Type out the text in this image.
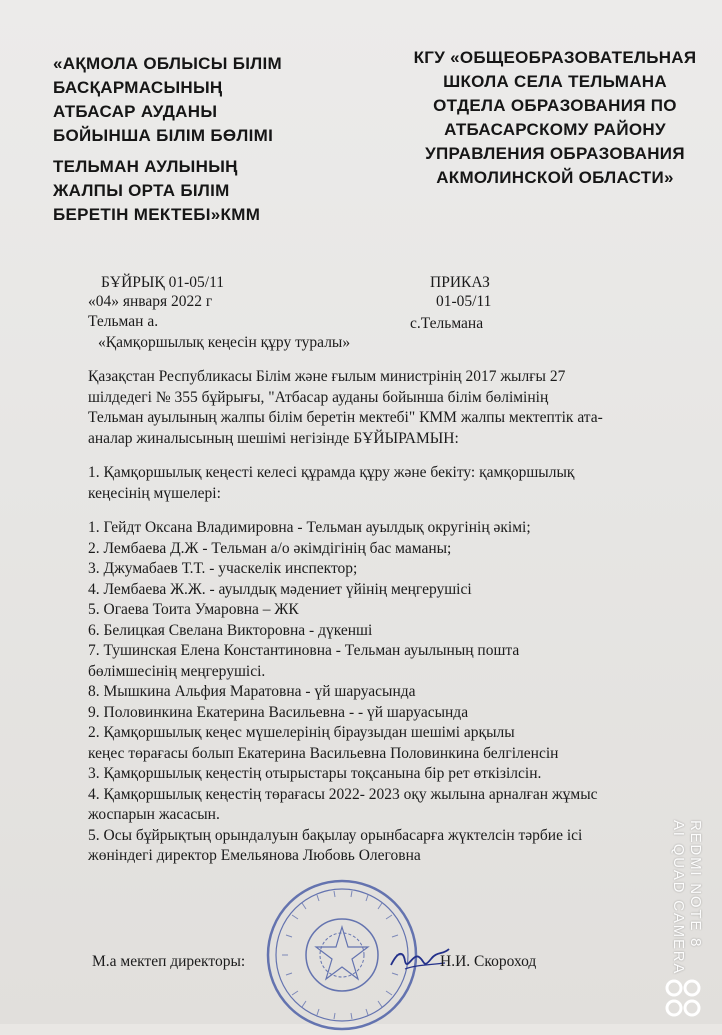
«АҚМОЛА ОБЛЫСЫ БІЛІМ
БАСҚАРМАСЫНЫҢ
АТБАСАР АУДАНЫ
БОЙЫНША БІЛІМ БӨЛІМІ
ТЕЛЬМАН АУЛЫНЫҢ
ЖАЛПЫ ОРТА БІЛІМ
БЕРЕТІН МЕКТЕБІ»КММ
КГУ «ОБЩЕОБРАЗОВАТЕЛЬНАЯ
ШКОЛА СЕЛА ТЕЛЬМАНА
ОТДЕЛА ОБРАЗОВАНИЯ ПО
АТБАСАРСКОМУ РАЙОНУ
УПРАВЛЕНИЯ ОБРАЗОВАНИЯ
АКМОЛИНСКОЙ ОБЛАСТИ»
БҰЙРЫҚ 01-05/11
«04» января 2022 г
Тельман а.
«Қамқоршылық кеңесін құру туралы»
ПРИКАЗ
01-05/11
с.Тельмана

Қазақстан Республикасы Білім және ғылым министрінің 2017 жылғы 27

шілдедегі № 355 бұйрығы, "Атбасар ауданы бойынша білім бөлімінің

Тельман ауылының жалпы білім беретін мектебі" КММ жалпы мектептік ата-

аналар жиналысының шешімі негізінде БҰЙЫРАМЫН:

1. Қамқоршылық кеңесті келесі құрамда құру және бекіту: қамқоршылық

кеңесінің мүшелері:

1. Гейдт Оксана Владимировна - Тельман ауылдық округінің әкімі;

2. Лембаева Д.Ж - Тельман а/о әкімдігінің бас маманы;

3. Джумабаев Т.Т. - учаскелік инспектор;

4. Лембаева Ж.Ж. - ауылдық мәдениет үйінің меңгерушісі

5. Огаева Тоита Умаровна – ЖК

6. Белицкая Свелана Викторовна - дүкенші

7. Тушинская Елена Константиновна - Тельман ауылының пошта

бөлімшесінің меңгерушісі.

8. Мышкина Альфия Маратовна - үй шаруасында

9. Половинкина Екатерина Васильевна - - үй шаруасында

2. Қамқоршылық кеңес мүшелерінің біраузыдан шешімі арқылы

кеңес төрағасы болып Екатерина Васильевна Половинкина белгіленсін

3. Қамқоршылық кеңестің отырыстары тоқсанына бір рет өткізілсін.

4. Қамқоршылық кеңестің төрағасы 2022- 2023 оқу жылына арналған жұмыс

жоспарын жасасын.

5. Осы бұйрықтың орындалуын бақылау орынбасарға жүктелсін тәрбие ісі

жөніндегі директор Емельянова Любовь Олеговна

М.а мектеп директоры:	Н.И. Скороход
REDMI NOTE 8
AI QUAD CAMERA
